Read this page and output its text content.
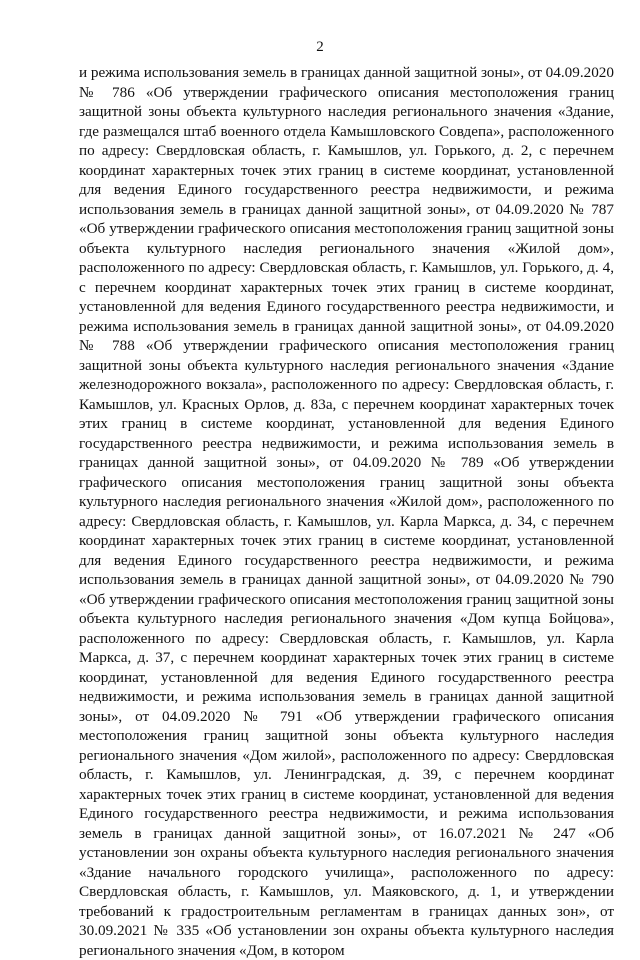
2

и режима использования земель в границах данной защитной зоны», от 04.09.2020 № 786 «Об утверждении графического описания местоположения границ защитной зоны объекта культурного наследия регионального значения «Здание, где размещался штаб военного отдела Камышловского Совдепа», расположенного по адресу: Свердловская область, г. Камышлов, ул. Горького, д. 2, с перечнем координат характерных точек этих границ в системе координат, установленной для ведения Единого государственного реестра недвижимости, и режима использования земель в границах данной защитной зоны», от 04.09.2020 № 787 «Об утверждении графического описания местоположения границ защитной зоны объекта культурного наследия регионального значения «Жилой дом», расположенного по адресу: Свердловская область, г. Камышлов, ул. Горького, д. 4, с перечнем координат характерных точек этих границ в системе координат, установленной для ведения Единого государственного реестра недвижимости, и режима использования земель в границах данной защитной зоны», от 04.09.2020 № 788 «Об утверждении графического описания местоположения границ защитной зоны объекта культурного наследия регионального значения «Здание железнодорожного вокзала», расположенного по адресу: Свердловская область, г. Камышлов, ул. Красных Орлов, д. 83а, с перечнем координат характерных точек этих границ в системе координат, установленной для ведения Единого государственного реестра недвижимости, и режима использования земель в границах данной защитной зоны», от 04.09.2020 № 789 «Об утверждении графического описания местоположения границ защитной зоны объекта культурного наследия регионального значения «Жилой дом», расположенного по адресу: Свердловская область, г. Камышлов, ул. Карла Маркса, д. 34, с перечнем координат характерных точек этих границ в системе координат, установленной для ведения Единого государственного реестра недвижимости, и режима использования земель в границах данной защитной зоны», от 04.09.2020 № 790 «Об утверждении графического описания местоположения границ защитной зоны объекта культурного наследия регионального значения «Дом купца Бойцова», расположенного по адресу: Свердловская область, г. Камышлов, ул. Карла Маркса, д. 37, с перечнем координат характерных точек этих границ в системе координат, установленной для ведения Единого государственного реестра недвижимости, и режима использования земель в границах данной защитной зоны», от 04.09.2020 № 791 «Об утверждении графического описания местоположения границ защитной зоны объекта культурного наследия регионального значения «Дом жилой», расположенного по адресу: Свердловская область, г. Камышлов, ул. Ленинградская, д. 39, с перечнем координат характерных точек этих границ в системе координат, установленной для ведения Единого государственного реестра недвижимости, и режима использования земель в границах данной защитной зоны», от 16.07.2021 № 247 «Об установлении зон охраны объекта культурного наследия регионального значения «Здание начального городского училища», расположенного по адресу: Свердловская область, г. Камышлов, ул. Маяковского, д. 1, и утверждении требований к градостроительным регламентам в границах данных зон», от 30.09.2021 № 335 «Об установлении зон охраны объекта культурного наследия регионального значения «Дом, в котором
